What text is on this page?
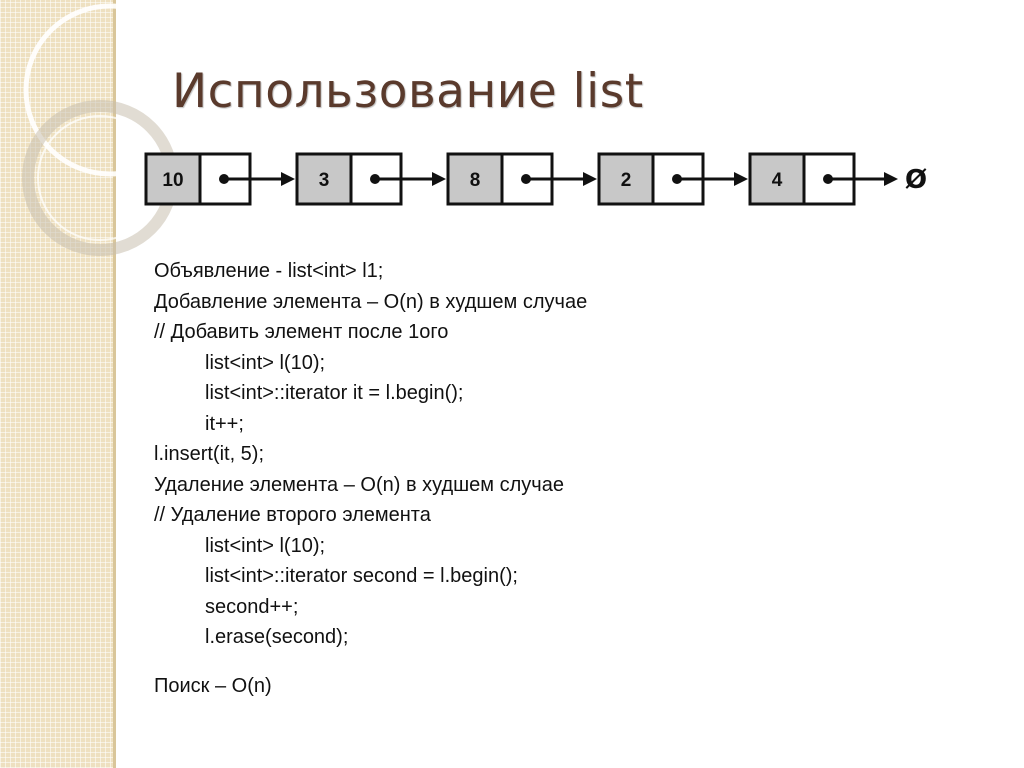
Использование list
10	3	8	2	4	Ø
Объявление - list<int> l1;
Добавление элемента – O(n) в худшем случае
// Добавить элемент после 1ого
list<int> l(10);
list<int>::iterator it = l.begin();
it++;
l.insert(it, 5);
Удаление элемента – O(n) в худшем случае
// Удаление второго элемента
list<int> l(10);
list<int>::iterator second = l.begin();
second++;
l.erase(second);
Поиск – O(n)
